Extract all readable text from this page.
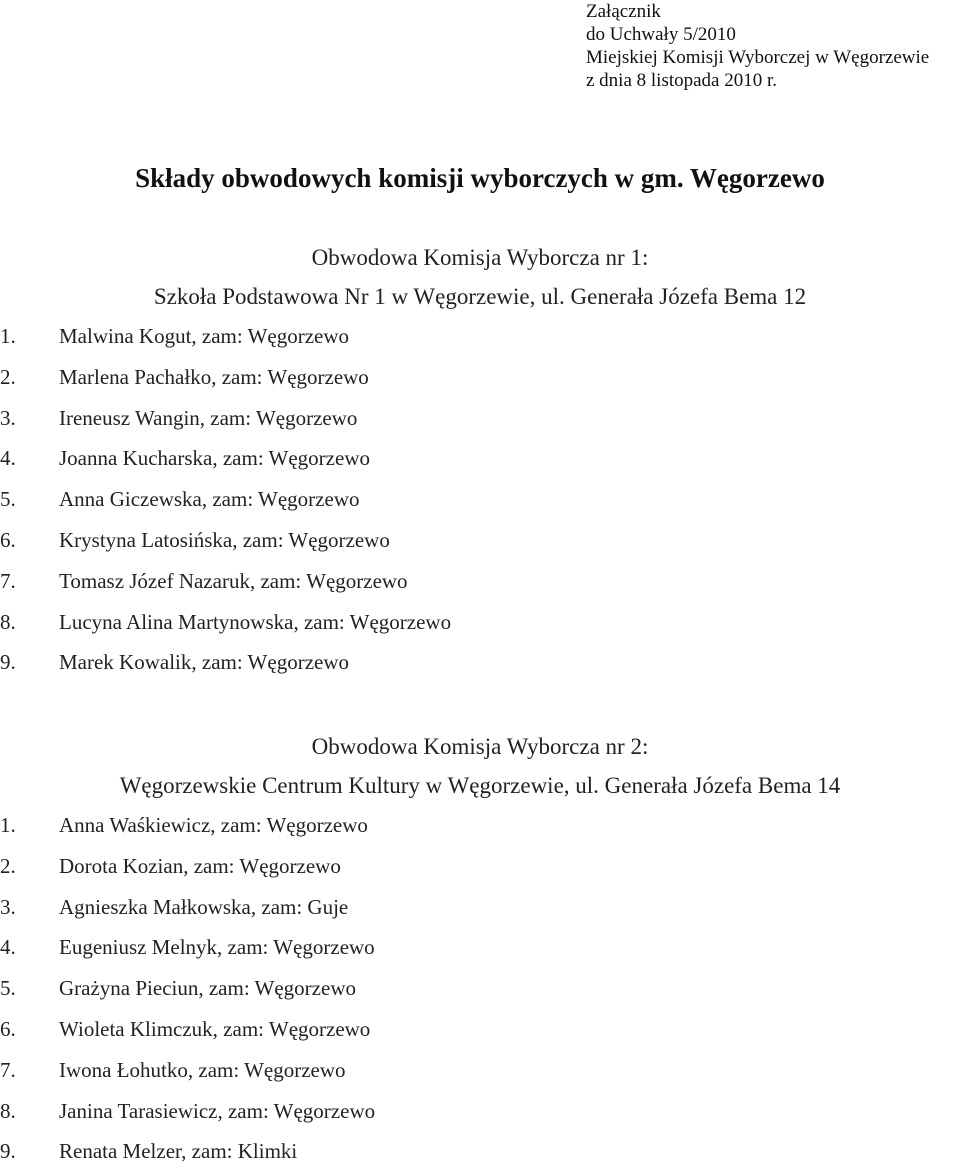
Załącznik
do Uchwały 5/2010
Miejskiej Komisji Wyborczej w Węgorzewie
z dnia 8 listopada 2010 r.
Składy obwodowych komisji wyborczych w gm. Węgorzewo
Obwodowa Komisja Wyborcza nr 1:
Szkoła Podstawowa Nr 1 w Węgorzewie, ul. Generała Józefa Bema 12
1. Malwina Kogut, zam: Węgorzewo
2. Marlena Pachałko, zam: Węgorzewo
3. Ireneusz Wangin, zam: Węgorzewo
4. Joanna Kucharska, zam: Węgorzewo
5. Anna Giczewska, zam: Węgorzewo
6. Krystyna Latosińska, zam: Węgorzewo
7. Tomasz Józef Nazaruk, zam: Węgorzewo
8. Lucyna Alina Martynowska, zam: Węgorzewo
9. Marek Kowalik, zam: Węgorzewo
Obwodowa Komisja Wyborcza nr 2:
Węgorzewskie Centrum Kultury w Węgorzewie, ul. Generała Józefa Bema 14
1. Anna Waśkiewicz, zam: Węgorzewo
2. Dorota Kozian, zam: Węgorzewo
3. Agnieszka Małkowska, zam: Guje
4. Eugeniusz Melnyk, zam: Węgorzewo
5. Grażyna Pieciun, zam: Węgorzewo
6. Wioleta Klimczuk, zam: Węgorzewo
7. Iwona Łohutko, zam: Węgorzewo
8. Janina Tarasiewicz, zam: Węgorzewo
9. Renata Melzer, zam: Klimki
